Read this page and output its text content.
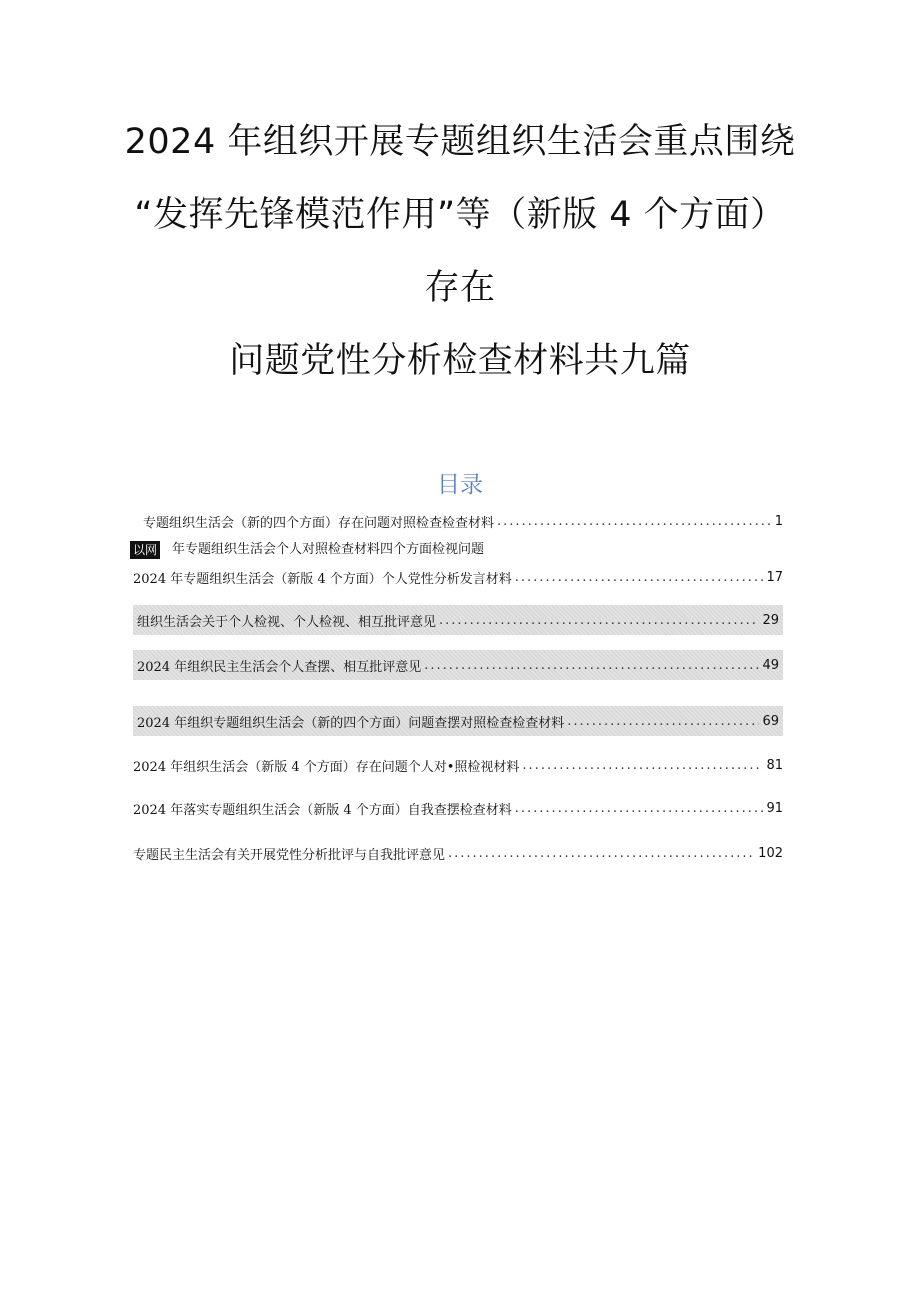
2024 年组织开展专题组织生活会重点围绕
“发挥先锋模范作用”等（新版 4 个方面）
存在
问题党性分析检查材料共九篇
目录
专题组织生活会（新的四个方面）存在问题对照检查检查材料 .....	1
以网 年专题组织生活会个人对照检查材料四个方面检视问题
2024 年专题组织生活会（新版 4 个方面）个人党性分析发言材料 .....	17
组织生活会关于个人检视、个人检视、相互批评意见 .....	29
2024 年组织民主生活会个人查摆、相互批评意见 .....	49
2024 年组织专题组织生活会（新的四个方面）问题查摆对照检查检查材料 .....	69
2024 年组织生活会（新版 4 个方面）存在问题个人对•照检视材料 .....	81
2024 年落实专题组织生活会（新版 4 个方面）自我查摆检查材料 .....	91
专题民主生活会有关开展党性分析批评与自我批评意见 .....	102
